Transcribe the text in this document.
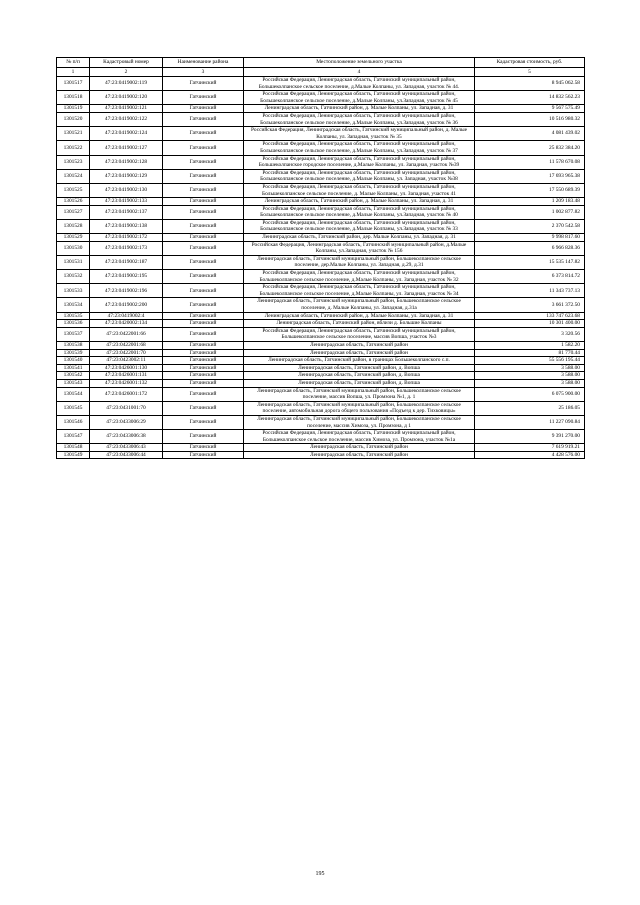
№ п/п	Кадастровый номер	Наименование района	Местоположение земельного участка	Кадастровая стоимость, руб.
1	2	3	4	5
1301517	47:23:0419002:119	Гатчинский	Российская Федерация, Ленинградская область, Гатчинский муниципальный район, Большеколпанское сельское поселение, д.Малые Колпаны, ул. Западная, участок № 44.	8 945 062.58
1301518	47:23:0419002:120	Гатчинский	Российская Федерация, Ленинградская область, Гатчинский муниципальный район, Большеколпанское сельское поселение, д.Малые Колпаны, ул.Западная, участок № 45	14 832 562.23
1301519	47:23:0419002:121	Гатчинский	Ленинградская область, Гатчинский район, д. Малые Колпаны, ул. Западная, д. 31	9 567 575.49
1301520	47:23:0419002:122	Гатчинский	Российская Федерация, Ленинградская область, Гатчинский муниципальный район, Большеколпанское сельское поселение, д.Малые Колпаны, ул.Западная, участок № 36	10 516 980.32
1301521	47:23:0419002:124	Гатчинский	Российская Федерация, Ленинградская область, Гатчинский муниципальный район, д. Малые Колпаны, ул. Западная, участок № 35	4 081 439.02
1301522	47:23:0419002:127	Гатчинский	Российская Федерация, Ленинградская область, Гатчинский муниципальный район, Большеколпанское сельское поселение, д.Малые Колпаны, ул.Западная, участок № 37	25 832 384.20
1301523	47:23:0419002:128	Гатчинский	Российская Федерация, Ленинградская область, Гатчинский муниципальный район, Большеколпанское городское поселение, д.Малые Колпаны, ул. Западная, участок №39	11 578 670.08
1301524	47:23:0419002:129	Гатчинский	Российская Федерация, Ленинградская область, Гатчинский муниципальный район, Большеколпанское сельское поселение, д.Малые Колпаны, ул. Западная, участок №38	17 693 965.38
1301525	47:23:0419002:130	Гатчинский	Российская Федерация, Ленинградская область, Гатчинский муниципальный район, Большеколпанское сельское поселение, д. Малые Колпаны, ул. Западная, участок 41	17 550 689.39
1301526	47:23:0419002:133	Гатчинский	Ленинградская область, Гатчинский район, д. Малые Колпаны, ул. Западная, д. 31	1 209 183.48
1301527	47:23:0419002:137	Гатчинский	Российская Федерация, Ленинградская область, Гатчинский муниципальный район, Большеколпанское сельское поселение, д.Малые Колпаны, ул.Западная, участок № 40	1 002 877.82
1301528	47:23:0419002:138	Гатчинский	Российская Федерация, Ленинградская область, Гатчинский муниципальный район, Большеколпанское сельское поселение, д.Малые Колпаны, ул.Западная, участок № 33	2 370 542.58
1301529	47:23:0419002:172	Гатчинский	Ленинградская область, Гатчинский район, дер. Малые Колпаны, ул. Западная, д. 31	9 998 817.60
1301530	47:23:0419002:173	Гатчинский	Российская Федерация, Ленинградская область, Гатчинский муниципальный район, д.Малые Колпаны, ул.Западная, участок № 156	6 966 828.36
1301531	47:23:0419002:187	Гатчинский	Ленинградская область, Гатчинский муниципальный район, Большеколпанское сельское поселение, дер.Малые Колпаны, ул. Западная, д.29, д.31	15 535 147.82
1301532	47:23:0419002:195	Гатчинский	Российская Федерация, Ленинградская область, Гатчинский муниципальный район, Большеколпанское сельское поселение, д.Малые Колпаны, ул. Западная, участок № 32	6 373 814.72
1301533	47:23:0419002:196	Гатчинский	Российская Федерация, Ленинградская область, Гатчинский муниципальный район, Большеколпанское сельское поселение, д.Малые Колпаны, ул. Западная, участок № 34	11 343 737.13
1301534	47:23:0419002:200	Гатчинский	Ленинградская область, Гатчинский муниципальный район, Большеколпанское сельское поселение, д. Малые Колпаны, ул. Западная, д.31а	3 661 372.50
1301535	47:23:0419002:4	Гатчинский	Ленинградская область, Гатчинский район, д. Малые Колпаны, ул. Западная, д. 31	133 747 623.68
1301536	47:23:0420002:134	Гатчинский	Ленинградская область, Гатчинский район, вблизи д. Большие Колпаны	10 301 400.00
1301537	47:23:0422001:66	Гатчинский	Российская Федерация, Ленинградская область, Гатчинский муниципальный район, Большеколпанское сельское поселение, массив Вопша, участок №3	3 320.56
1301538	47:23:0422001:68	Гатчинский	Ленинградская область, Гатчинский район	1 582.20
1301539	47:23:0422001:70	Гатчинский	Ленинградская область, Гатчинский район	81 770.44
1301540	47:23:0423002:11	Гатчинский	Ленинградская область, Гатчинский район, в границах Большеколпанского с.п.	55 556 195.44
1301541	47:23:0426001:130	Гатчинский	Ленинградская область, Гатчинский район, д. Вопша	3 588.00
1301542	47:23:0426001:131	Гатчинский	Ленинградская область, Гатчинский район, д. Вопша	3 588.00
1301543	47:23:0426001:132	Гатчинский	Ленинградская область, Гатчинский район, д. Вопша	3 588.00
1301544	47:23:0426001:172	Гатчинский	Ленинградская область, Гатчинский муниципальный район, Большеколпанское сельское поселение, массив Вопша, ул. Промзона №1, д. 1	6 075 900.00
1301545	47:23:0431001:70	Гатчинский	Ленинградская область, Гатчинский муниципальный район, Большеколпанское сельское поселение, автомобильная дорога общего пользования «Подъезд к дер. Тихковицы»	25 186.05
1301546	47:23:0433006:29	Гатчинский	Ленинградская область, Гатчинский муниципальный район, Большеколпанское сельское поселение, массив Химоза, ул. Промзона, д 1	11 227 090.84
1301547	47:23:0433006:38	Гатчинский	Российская Федерация, Ленинградская область, Гатчинский муниципальный район, Большеколпанское сельское поселение, массив Химоза, ул. Промзона, участок №1а	9 391 270.00
1301548	47:23:0433006:43	Гатчинский	Ленинградская область, Гатчинский район	7 619 919.21
1301549	47:23:0433006:44	Гатчинский	Ленинградская область, Гатчинский район	4 428 576.00
195
